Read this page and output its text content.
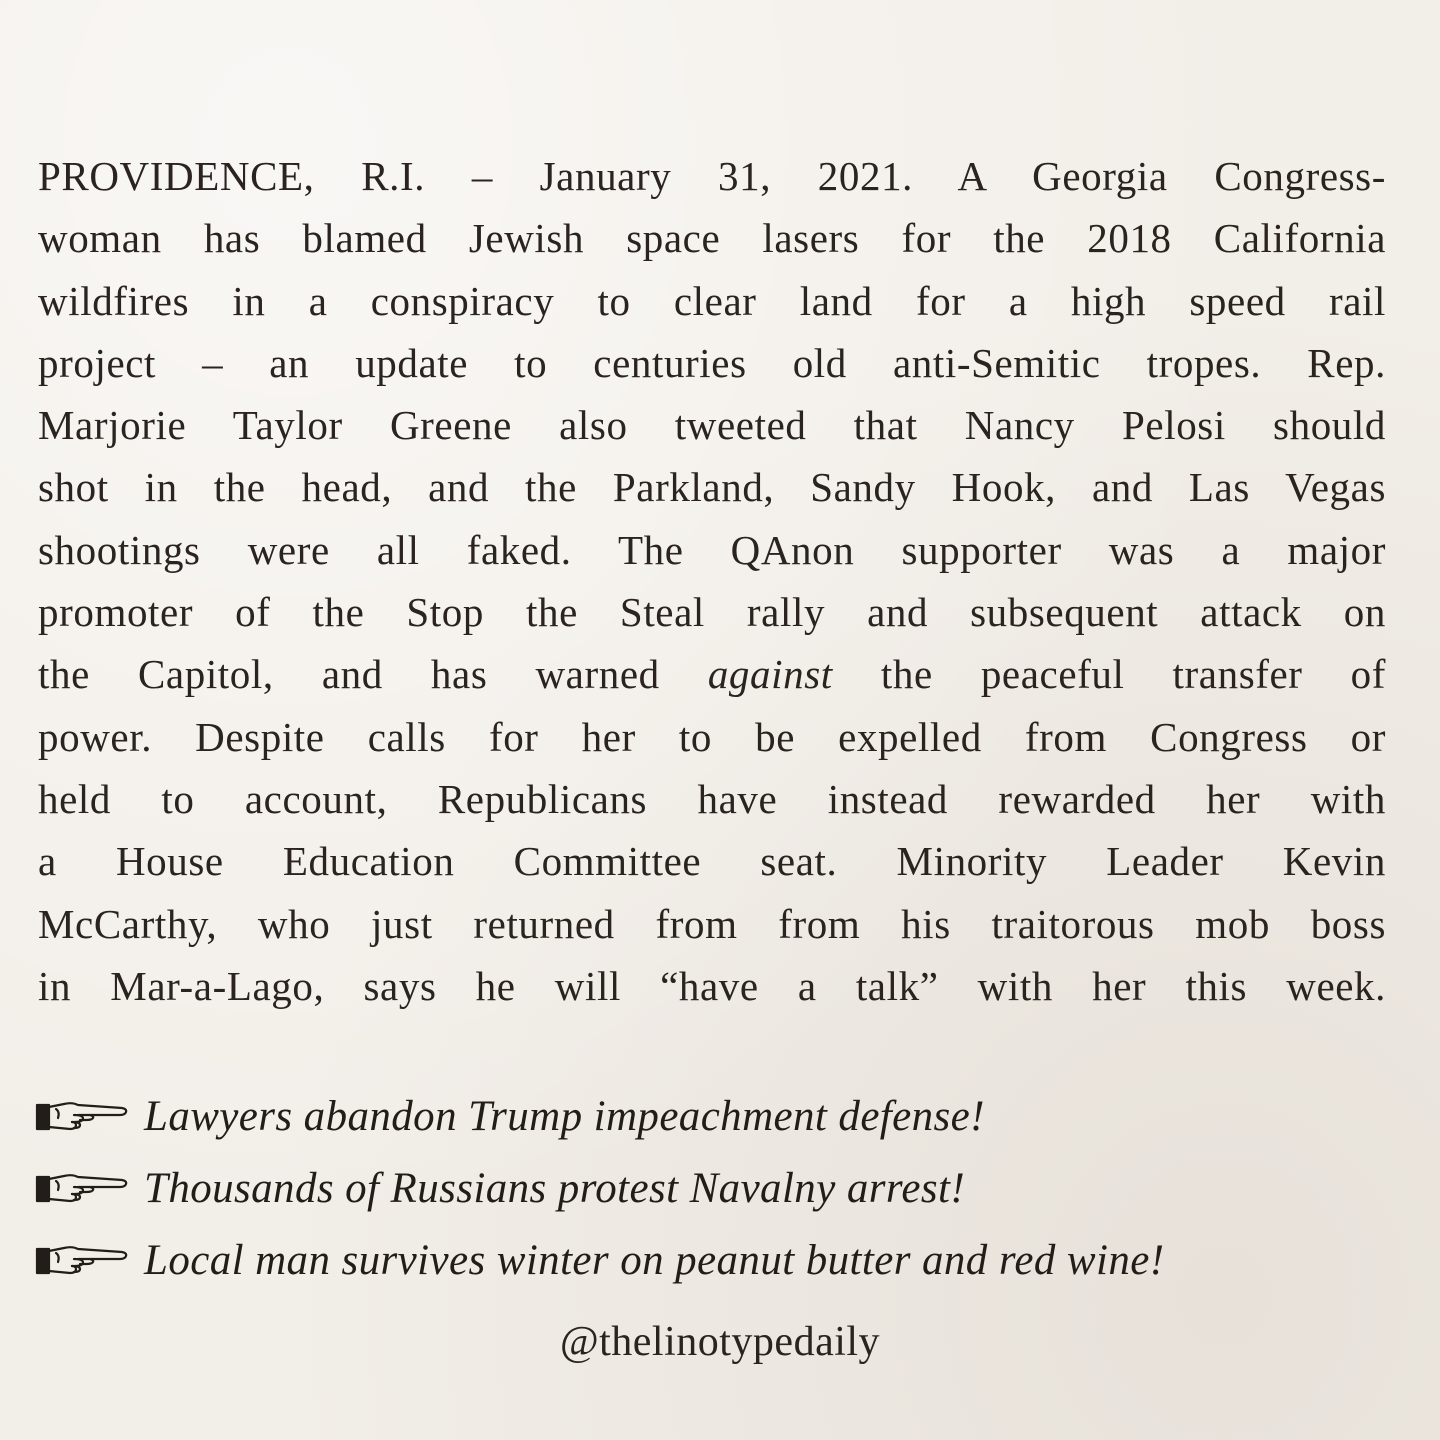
PROVIDENCE, R.I. – January 31, 2021. A Georgia Congress-
woman has blamed Jewish space lasers for the 2018 California
wildfires in a conspiracy to clear land for a high speed rail
project – an update to centuries old anti-Semitic tropes. Rep.
Marjorie Taylor Greene also tweeted that Nancy Pelosi should
shot in the head, and the Parkland, Sandy Hook, and Las Vegas
shootings were all faked. The QAnon supporter was a major
promoter of the Stop the Steal rally and subsequent attack on
the Capitol, and has warned against the peaceful transfer of
power. Despite calls for her to be expelled from Congress or
held to account, Republicans have instead rewarded her with
a House Education Committee seat. Minority Leader Kevin
McCarthy, who just returned from from his traitorous mob boss
in Mar-a-Lago, says he will “have a talk” with her this week.
Lawyers abandon Trump impeachment defense!
Thousands of Russians protest Navalny arrest!
Local man survives winter on peanut butter and red wine!
@thelinotypedaily
